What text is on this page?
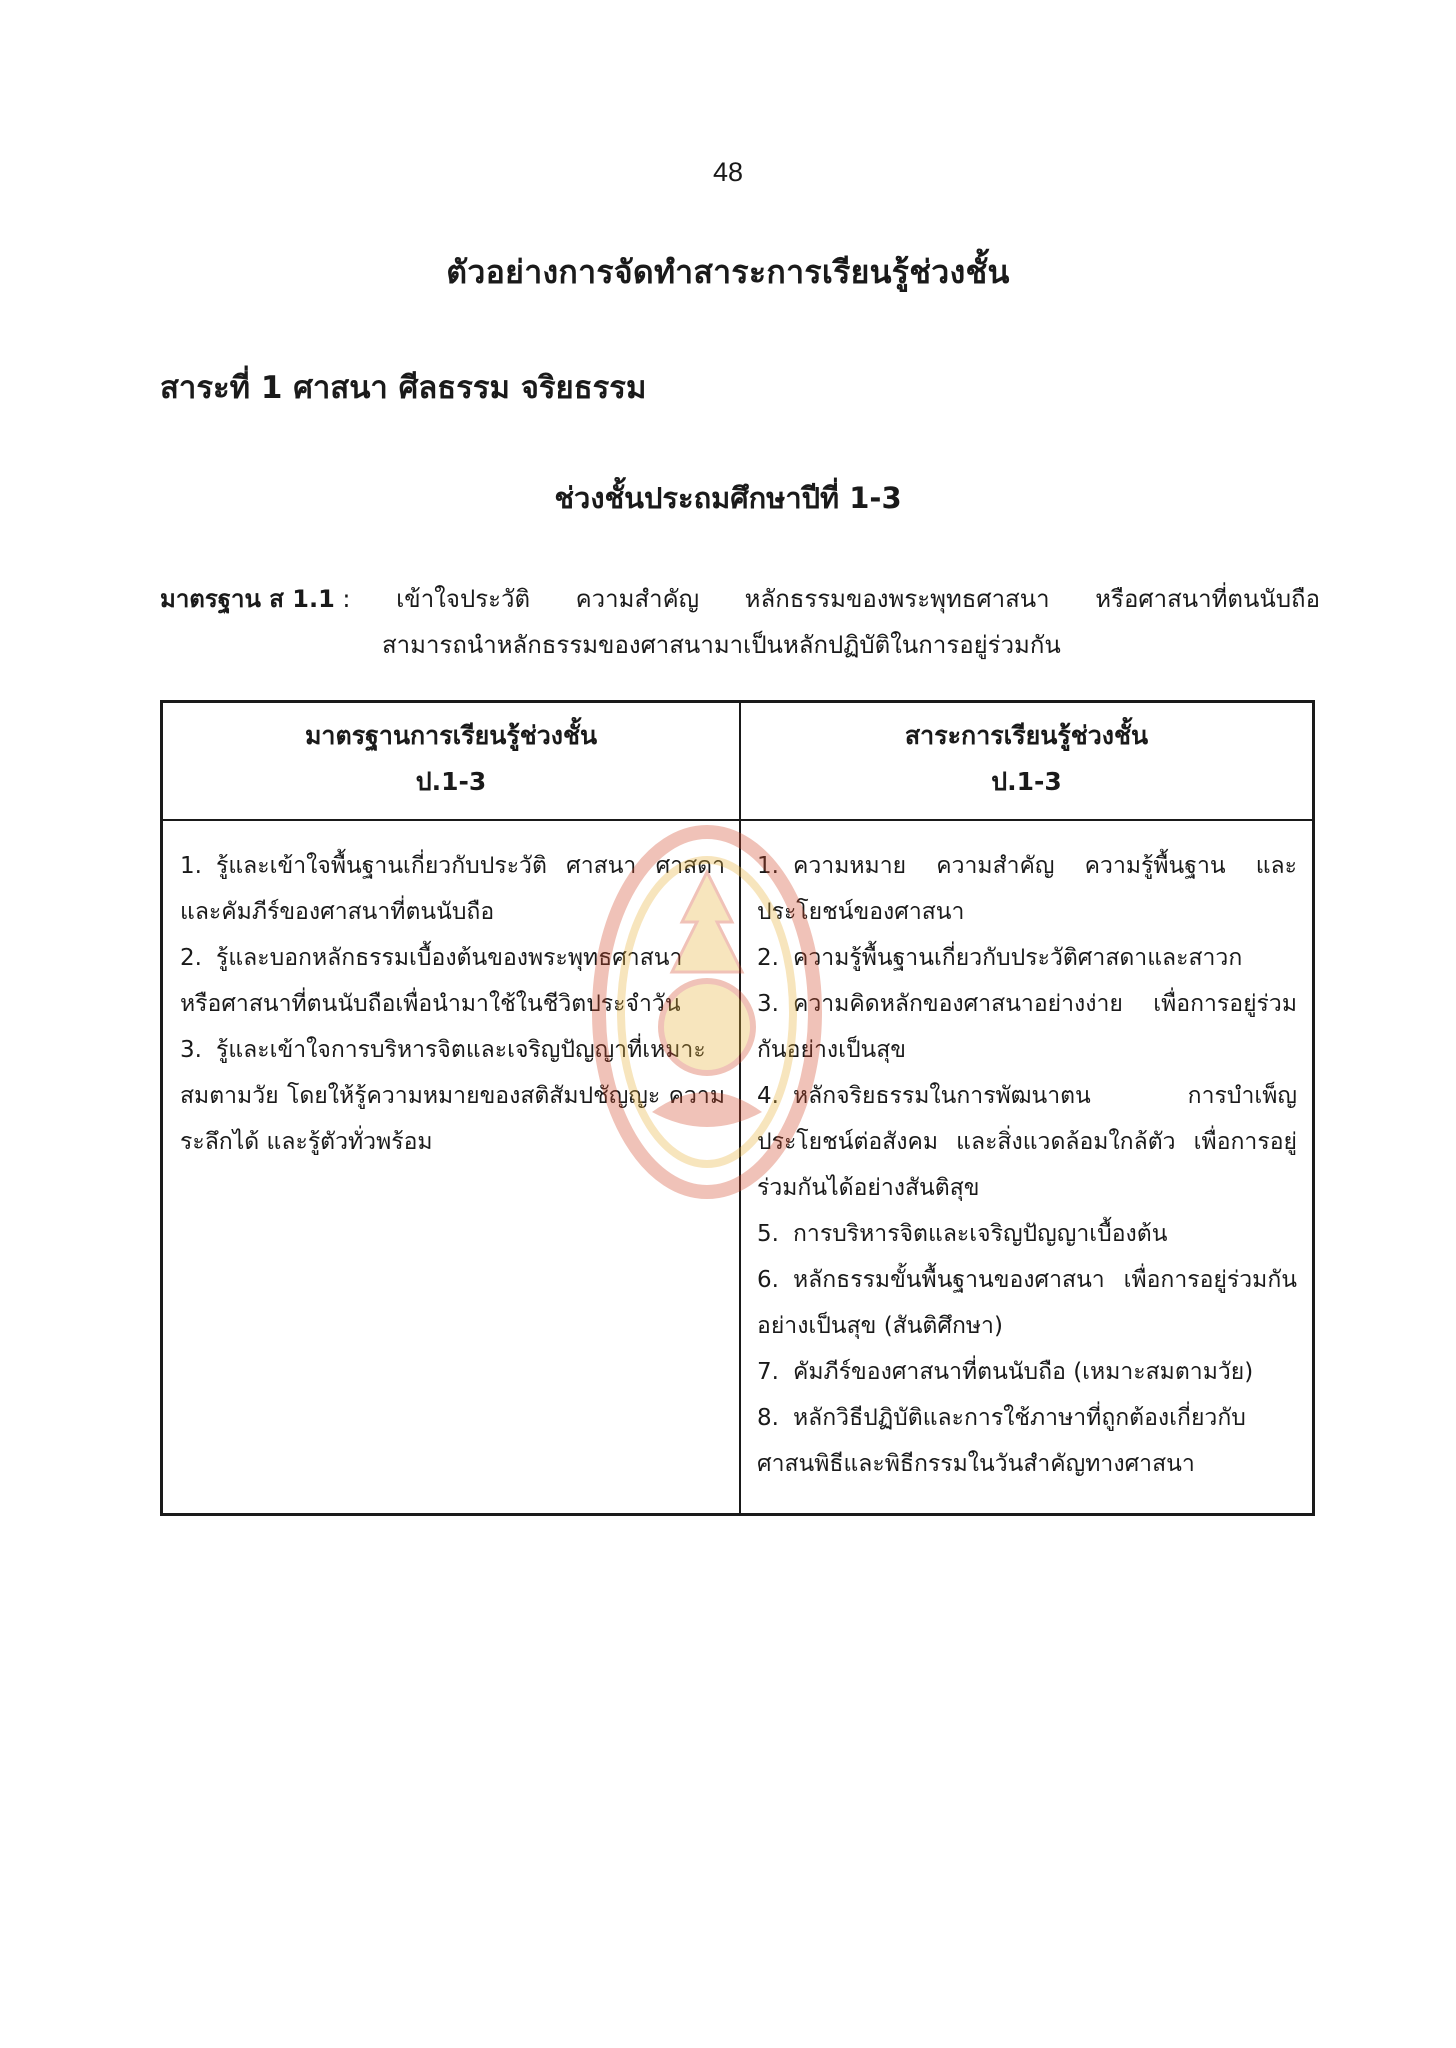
48
ตัวอย่างการจัดทำสาระการเรียนรู้ช่วงชั้น
สาระที่ 1 ศาสนา ศีลธรรม จริยธรรม
ช่วงชั้นประถมศึกษาปีที่ 1-3
มาตรฐาน ส 1.1 : เข้าใจประวัติ ความสำคัญ หลักธรรมของพระพุทธศาสนา หรือศาสนาที่ตนนับถือ
สามารถนำหลักธรรมของศาสนามาเป็นหลักปฏิบัติในการอยู่ร่วมกัน
มาตรฐานการเรียนรู้ช่วงชั้น
ป.1-3
สาระการเรียนรู้ช่วงชั้น
ป.1-3
1. รู้และเข้าใจพื้นฐานเกี่ยวกับประวัติ ศาสนา ศาสดา และคัมภีร์ของศาสนาที่ตนนับถือ
2. รู้และบอกหลักธรรมเบื้องต้นของพระพุทธศาสนา หรือศาสนาที่ตนนับถือเพื่อนำมาใช้ในชีวิตประจำวัน
3. รู้และเข้าใจการบริหารจิตและเจริญปัญญาที่เหมาะสมตามวัย โดยให้รู้ความหมายของสติสัมปชัญญะ ความระลึกได้ และรู้ตัวทั่วพร้อม
1. ความหมาย ความสำคัญ ความรู้พื้นฐาน และประโยชน์ของศาสนา
2. ความรู้พื้นฐานเกี่ยวกับประวัติศาสดาและสาวก
3. ความคิดหลักของศาสนาอย่างง่าย เพื่อการอยู่ร่วมกันอย่างเป็นสุข
4. หลักจริยธรรมในการพัฒนาตน การบำเพ็ญประโยชน์ต่อสังคม และสิ่งแวดล้อมใกล้ตัว เพื่อการอยู่ร่วมกันได้อย่างสันติสุข
5. การบริหารจิตและเจริญปัญญาเบื้องต้น
6. หลักธรรมขั้นพื้นฐานของศาสนา เพื่อการอยู่ร่วมกันอย่างเป็นสุข (สันติศึกษา)
7. คัมภีร์ของศาสนาที่ตนนับถือ (เหมาะสมตามวัย)
8. หลักวิธีปฏิบัติและการใช้ภาษาที่ถูกต้องเกี่ยวกับศาสนพิธีและพิธีกรรมในวันสำคัญทางศาสนา
